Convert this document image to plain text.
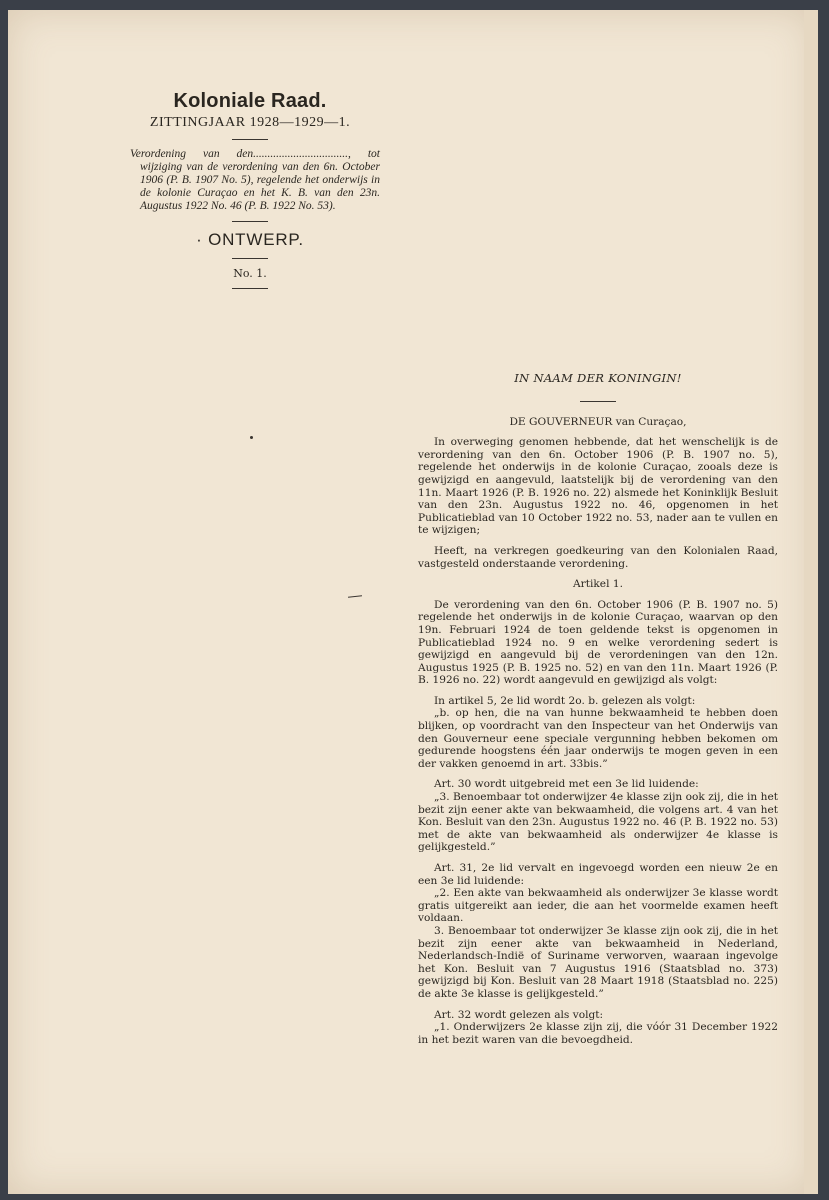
Koloniale Raad.
ZITTINGJAAR 1928—1929—1.

Verordening van den................................., tot wijziging van de verordening van den 6n. October 1906 (P. B. 1907 No. 5), regelende het onderwijs in de kolonie Curaçao en het K. B. van den 23n. Augustus 1922 No. 46 (P. B. 1922 No. 53).

· ONTWERP.
No. 1.
IN NAAM DER KONINGIN!
DE GOUVERNEUR van Curaçao,

In overweging genomen hebbende, dat het wenschelijk is de verordening van den 6n. October 1906 (P. B. 1907 no. 5), regelende het onderwijs in de kolonie Curaçao, zooals deze is gewijzigd en aangevuld, laatstelijk bij de verordening van den 11n. Maart 1926 (P. B. 1926 no. 22) alsmede het Koninklijk Besluit van den 23n. Augustus 1922 no. 46, opgenomen in het Publicatieblad van 10 October 1922 no. 53, nader aan te vullen en te wijzigen;

Heeft, na verkregen goedkeuring van den Kolonialen Raad, vastgesteld onderstaande verordening.

Artikel 1.

De verordening van den 6n. October 1906 (P. B. 1907 no. 5) regelende het onderwijs in de kolonie Curaçao, waarvan op den 19n. Februari 1924 de toen geldende tekst is opgenomen in Publicatieblad 1924 no. 9 en welke verordening sedert is gewijzigd en aangevuld bij de verordeningen van den 12n. Augustus 1925 (P. B. 1925 no. 52) en van den 11n. Maart 1926 (P. B. 1926 no. 22) wordt aangevuld en gewijzigd als volgt:

In artikel 5, 2e lid wordt 2o. b. gelezen als volgt:

„b. op hen, die na van hunne bekwaamheid te hebben doen blijken, op voordracht van den Inspecteur van het Onderwijs van den Gouverneur eene speciale vergunning hebben bekomen om gedurende hoogstens één jaar onderwijs te mogen geven in een der vakken genoemd in art. 33bis.”

Art. 30 wordt uitgebreid met een 3e lid luidende:

„3. Benoembaar tot onderwijzer 4e klasse zijn ook zij, die in het bezit zijn eener akte van bekwaamheid, die volgens art. 4 van het Kon. Besluit van den 23n. Augustus 1922 no. 46 (P. B. 1922 no. 53) met de akte van bekwaamheid als onderwijzer 4e klasse is gelijkgesteld.”

Art. 31, 2e lid vervalt en ingevoegd worden een nieuw 2e en een 3e lid luidende:

„2. Een akte van bekwaamheid als onderwijzer 3e klasse wordt gratis uitgereikt aan ieder, die aan het voormelde examen heeft voldaan.

3. Benoembaar tot onderwijzer 3e klasse zijn ook zij, die in het bezit zijn eener akte van bekwaamheid in Nederland, Nederlandsch-Indië of Suriname verworven, waaraan ingevolge het Kon. Besluit van 7 Augustus 1916 (Staatsblad no. 373) gewijzigd bij Kon. Besluit van 28 Maart 1918 (Staatsblad no. 225) de akte 3e klasse is gelijkgesteld.”

Art. 32 wordt gelezen als volgt:

„1. Onderwijzers 2e klasse zijn zij, die vóór 31 December 1922 in het bezit waren van die bevoegdheid.
